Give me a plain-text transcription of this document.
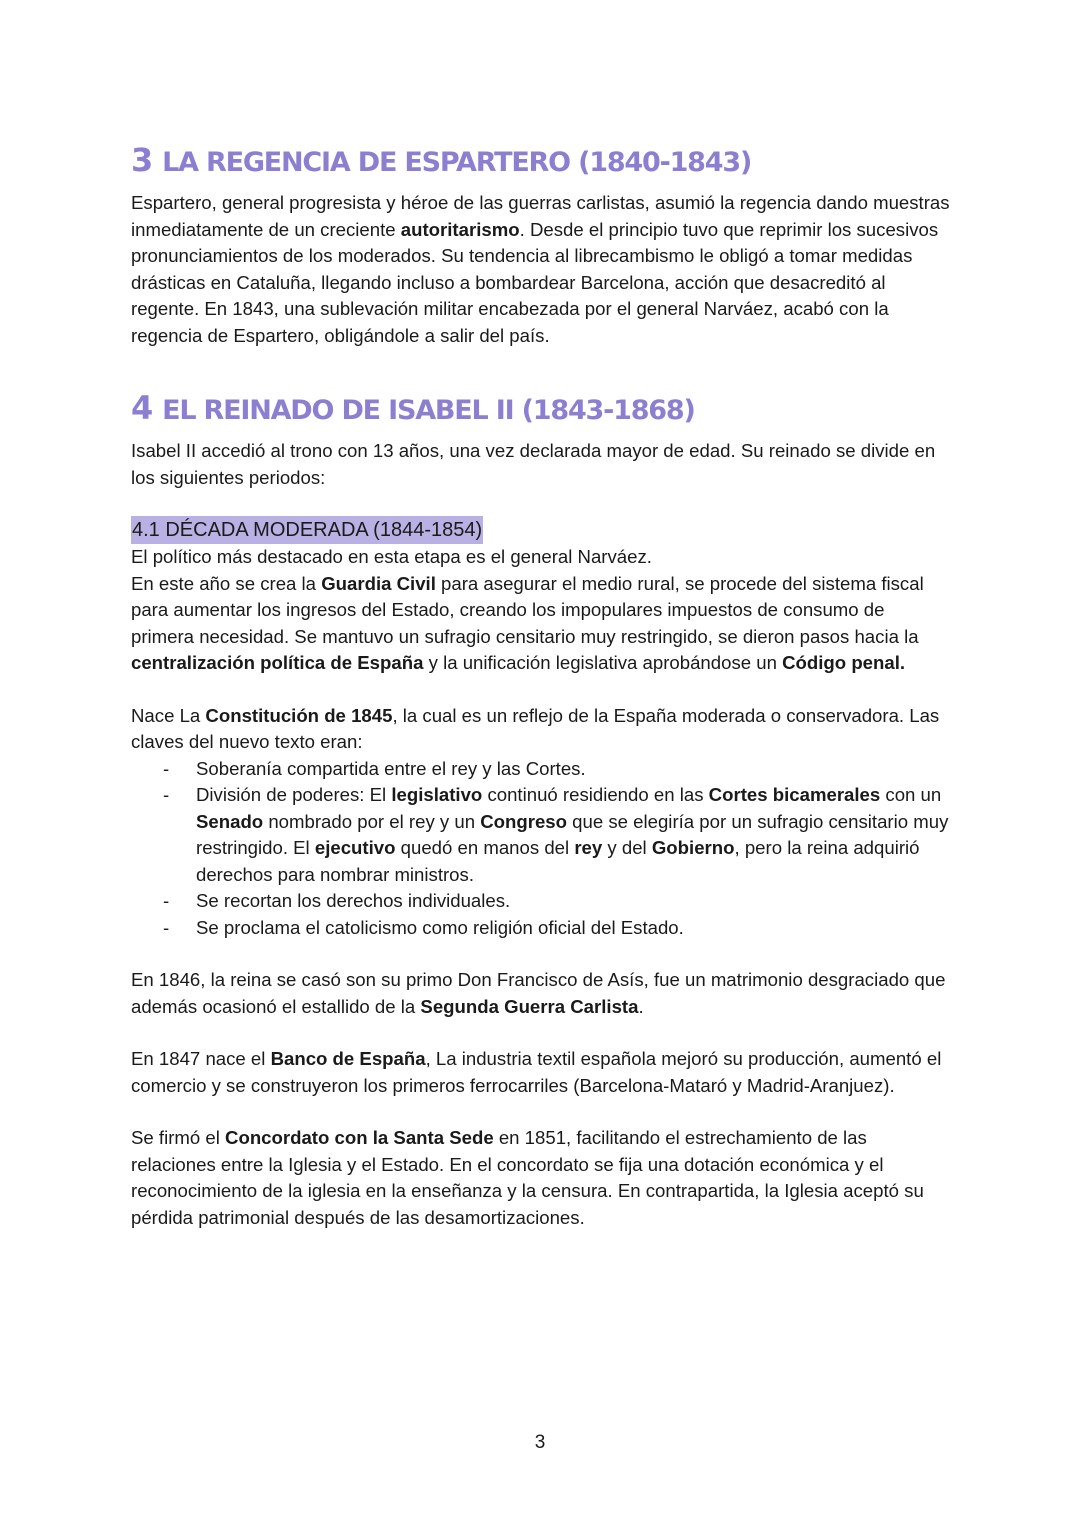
3 LA REGENCIA DE ESPARTERO (1840-1843)

Espartero, general progresista y héroe de las guerras carlistas, asumió la regencia dando muestras inmediatamente de un creciente autoritarismo. Desde el principio tuvo que reprimir los sucesivos pronunciamientos de los moderados. Su tendencia al librecambismo le obligó a tomar medidas drásticas en Cataluña, llegando incluso a bombardear Barcelona, acción que desacreditó al regente. En 1843, una sublevación militar encabezada por el general Narváez, acabó con la regencia de Espartero, obligándole a salir del país.

4 EL REINADO DE ISABEL II (1843-1868)

Isabel II accedió al trono con 13 años, una vez declarada mayor de edad. Su reinado se divide en los siguientes periodos:

4.1 DÉCADA MODERADA (1844-1854)

El político más destacado en esta etapa es el general Narváez.

En este año se crea la Guardia Civil para asegurar el medio rural, se procede del sistema fiscal para aumentar los ingresos del Estado, creando los impopulares impuestos de consumo de primera necesidad. Se mantuvo un sufragio censitario muy restringido, se dieron pasos hacia la centralización política de España y la unificación legislativa aprobándose un Código penal.

Nace La Constitución de 1845, la cual es un reflejo de la España moderada o conservadora. Las claves del nuevo texto eran:

- Soberanía compartida entre el rey y las Cortes.
- División de poderes: El legislativo continuó residiendo en las Cortes bicamerales con un Senado nombrado por el rey y un Congreso que se elegiría por un sufragio censitario muy restringido. El ejecutivo quedó en manos del rey y del Gobierno, pero la reina adquirió derechos para nombrar ministros.
- Se recortan los derechos individuales.
- Se proclama el catolicismo como religión oficial del Estado.

En 1846, la reina se casó son su primo Don Francisco de Asís, fue un matrimonio desgraciado que además ocasionó el estallido de la Segunda Guerra Carlista.

En 1847 nace el Banco de España, La industria textil española mejoró su producción, aumentó el comercio y se construyeron los primeros ferrocarriles (Barcelona-Mataró y Madrid-Aranjuez).

Se firmó el Concordato con la Santa Sede en 1851, facilitando el estrechamiento de las relaciones entre la Iglesia y el Estado. En el concordato se fija una dotación económica y el reconocimiento de la iglesia en la enseñanza y la censura. En contrapartida, la Iglesia aceptó su pérdida patrimonial después de las desamortizaciones.

3
